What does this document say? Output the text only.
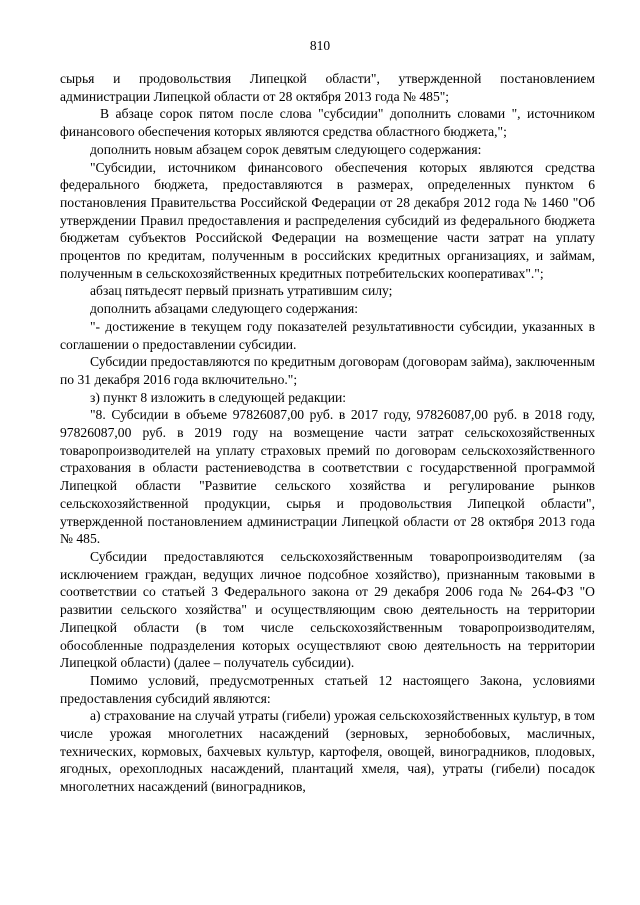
810

сырья и продовольствия Липецкой области", утвержденной постановлением администрации Липецкой области от 28 октября 2013 года № 485";

В абзаце сорок пятом после слова "субсидии" дополнить словами ", источником финансового обеспечения которых являются средства областного бюджета,";

дополнить новым абзацем сорок девятым следующего содержания:

"Субсидии, источником финансового обеспечения которых являются средства федерального бюджета, предоставляются в размерах, определенных пунктом 6 постановления Правительства Российской Федерации от 28 декабря 2012 года № 1460 "Об утверждении Правил предоставления и распределения субсидий из федерального бюджета бюджетам субъектов Российской Федерации на возмещение части затрат на уплату процентов по кредитам, полученным в российских кредитных организациях, и займам, полученным в сельскохозяйственных кредитных потребительских кооперативах".";

абзац пятьдесят первый признать утратившим силу;

дополнить абзацами следующего содержания:

"- достижение в текущем году показателей результативности субсидии, указанных в соглашении о предоставлении субсидии.

Субсидии предоставляются по кредитным договорам (договорам займа), заключенным по 31 декабря 2016 года включительно.";

з) пункт 8 изложить в следующей редакции:

"8. Субсидии в объеме 97826087,00 руб. в 2017 году, 97826087,00 руб. в 2018 году, 97826087,00 руб. в 2019 году на возмещение части затрат сельскохозяйственных товаропроизводителей на уплату страховых премий по договорам сельскохозяйственного страхования в области растениеводства в соответствии с государственной программой Липецкой области "Развитие сельского хозяйства и регулирование рынков сельскохозяйственной продукции, сырья и продовольствия Липецкой области", утвержденной постановлением администрации Липецкой области от 28 октября 2013 года № 485.

Субсидии предоставляются сельскохозяйственным товаропроизводителям (за исключением граждан, ведущих личное подсобное хозяйство), признанным таковыми в соответствии со статьей 3 Федерального закона от 29 декабря 2006 года № 264-ФЗ "О развитии сельского хозяйства" и осуществляющим свою деятельность на территории Липецкой области (в том числе сельскохозяйственным товаропроизводителям, обособленные подразделения которых осуществляют свою деятельность на территории Липецкой области) (далее – получатель субсидии).

Помимо условий, предусмотренных статьей 12 настоящего Закона, условиями предоставления субсидий являются:

а) страхование на случай утраты (гибели) урожая сельскохозяйственных культур, в том числе урожая многолетних насаждений (зерновых, зернобобовых, масличных, технических, кормовых, бахчевых культур, картофеля, овощей, виноградников, плодовых, ягодных, орехоплодных насаждений, плантаций хмеля, чая), утраты (гибели) посадок многолетних насаждений (виноградников,
